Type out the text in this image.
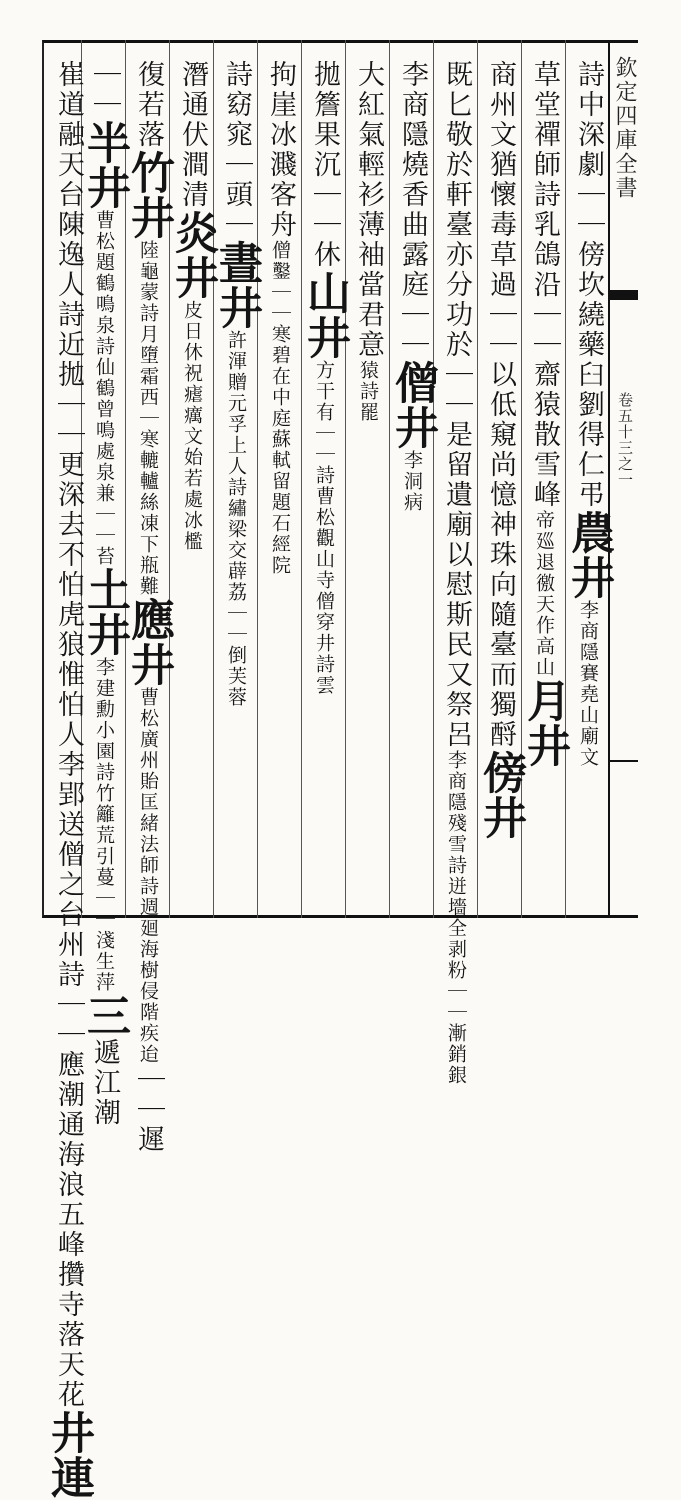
欽定四庫全書
卷五十三之一
詩中深劇｜｜傍坎繞藥臼劉得仁弔農井李商隱賽堯山廟文
草堂禪師詩乳鴿沿｜｜齋猿散雪峰帝廵退徼天作高山月井
商州文猶懷毒草過｜｜以低窺尚憶神珠向隨臺而獨酹傍井
既匕敬於軒臺亦分功於｜｜是留遺廟以慰斯民又祭呂李商隱殘雪詩迸墻全剥粉｜｜漸銷銀
李商隱燒香曲露庭｜｜僧井李洞病
大紅氣輕衫薄袖當君意猿詩罷
拋簷果沉｜｜休山井方干有｜｜詩曹松觀山寺僧穿井詩雲
拘崖冰濺客舟僧鑿｜｜寒碧在中庭蘇軾留題石經院
詩窈窕｜頭｜晝井許渾贈元孚上人詩繡梁交薜荔｜｜倒芙蓉
潛通伏澗清炎井皮日休祝瘧癘文始若處冰檻
復若落竹井陸龜蒙詩月墮霜西｜寒轆轤絲凍下瓶難應井曹松廣州貽匡緒法師詩週廻海樹侵階疾迨｜｜遲
｜｜半井曹松題鶴鳴泉詩仙鶴曾鳴處泉兼｜｜苔土井李建勳小園詩竹籬荒引蔓｜｜淺生萍三遞江潮
崔道融天台陳逸人詩近拋｜｜更深去不怕虎狼惟怕人李郢送僧之台州詩｜｜應潮通海浪五峰攢寺落天花井連
